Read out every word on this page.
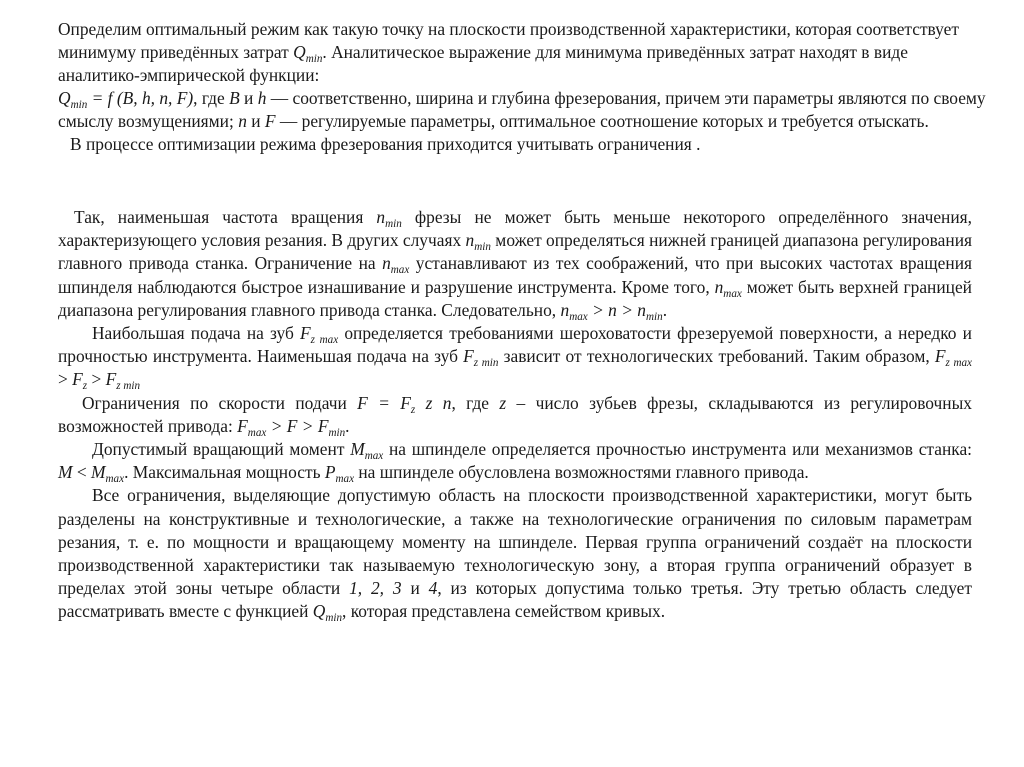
Определим оптимальный режим как такую точку на плоскости производственной характеристики, которая соответствует минимуму приведённых затрат $Q_{min}$. Аналитическое выражение для минимума приведённых затрат находят в виде аналитико-эмпирической функции:

$Q_{min} = f$ (B, h, n, F), где B и h — соответственно, ширина и глубина фрезерования, причем эти параметры являются по своему смыслу возмущениями; n и F — регулируемые параметры, оптимальное соотношение которых и требуется отыскать.

В процессе оптимизации режима фрезерования приходится учитывать ограничения .

Так, наименьшая частота вращения $n_{min}$ фрезы не может быть меньше некоторого определённого значения, характеризующего условия резания. В других случаях $n_{min}$ может определяться нижней границей диапазона регулирования главного привода станка. Ограничение на $n_{max}$ устанавливают из тех соображений, что при высоких частотах вращения шпинделя наблюдаются быстрое изнашивание и разрушение инструмента. Кроме того, $n_{max}$ может быть верхней границей диапазона регулирования главного привода станка. Следовательно, $n_{max} > n > n_{min}$.

Наибольшая подача на зуб $F_{z max}$ определяется требованиями шероховатости фрезеруемой поверхности, а нередко и прочностью инструмента. Наименьшая подача на зуб $F_{z min}$ зависит от технологических требований. Таким образом, $F_{z max} > F_z > F_{z min}$

Ограничения по скорости подачи $F = F_z$ z n, где z – число зубьев фрезы, складываются из регулировочных возможностей привода: $F_{max} > F > F_{min}$.

Допустимый вращающий момент $M_{max}$ на шпинделе определяется прочностью инструмента или механизмов станка: $M < M_{max}$. Максимальная мощность $P_{max}$ на шпинделе обусловлена возможностями главного привода.

Все ограничения, выделяющие допустимую область на плоскости производственной характеристики, могут быть разделены на конструктивные и технологические, а также на технологические ограничения по силовым параметрам резания, т. е. по мощности и вращающему моменту на шпинделе. Первая группа ограничений создаёт на плоскости производственной характеристики так называемую технологическую зону, а вторая группа ограничений образует в пределах этой зоны четыре области 1, 2, 3 и 4, из которых допустима только третья. Эту третью область следует рассматривать вместе с функцией $Q_{min}$, которая представлена семейством кривых.
